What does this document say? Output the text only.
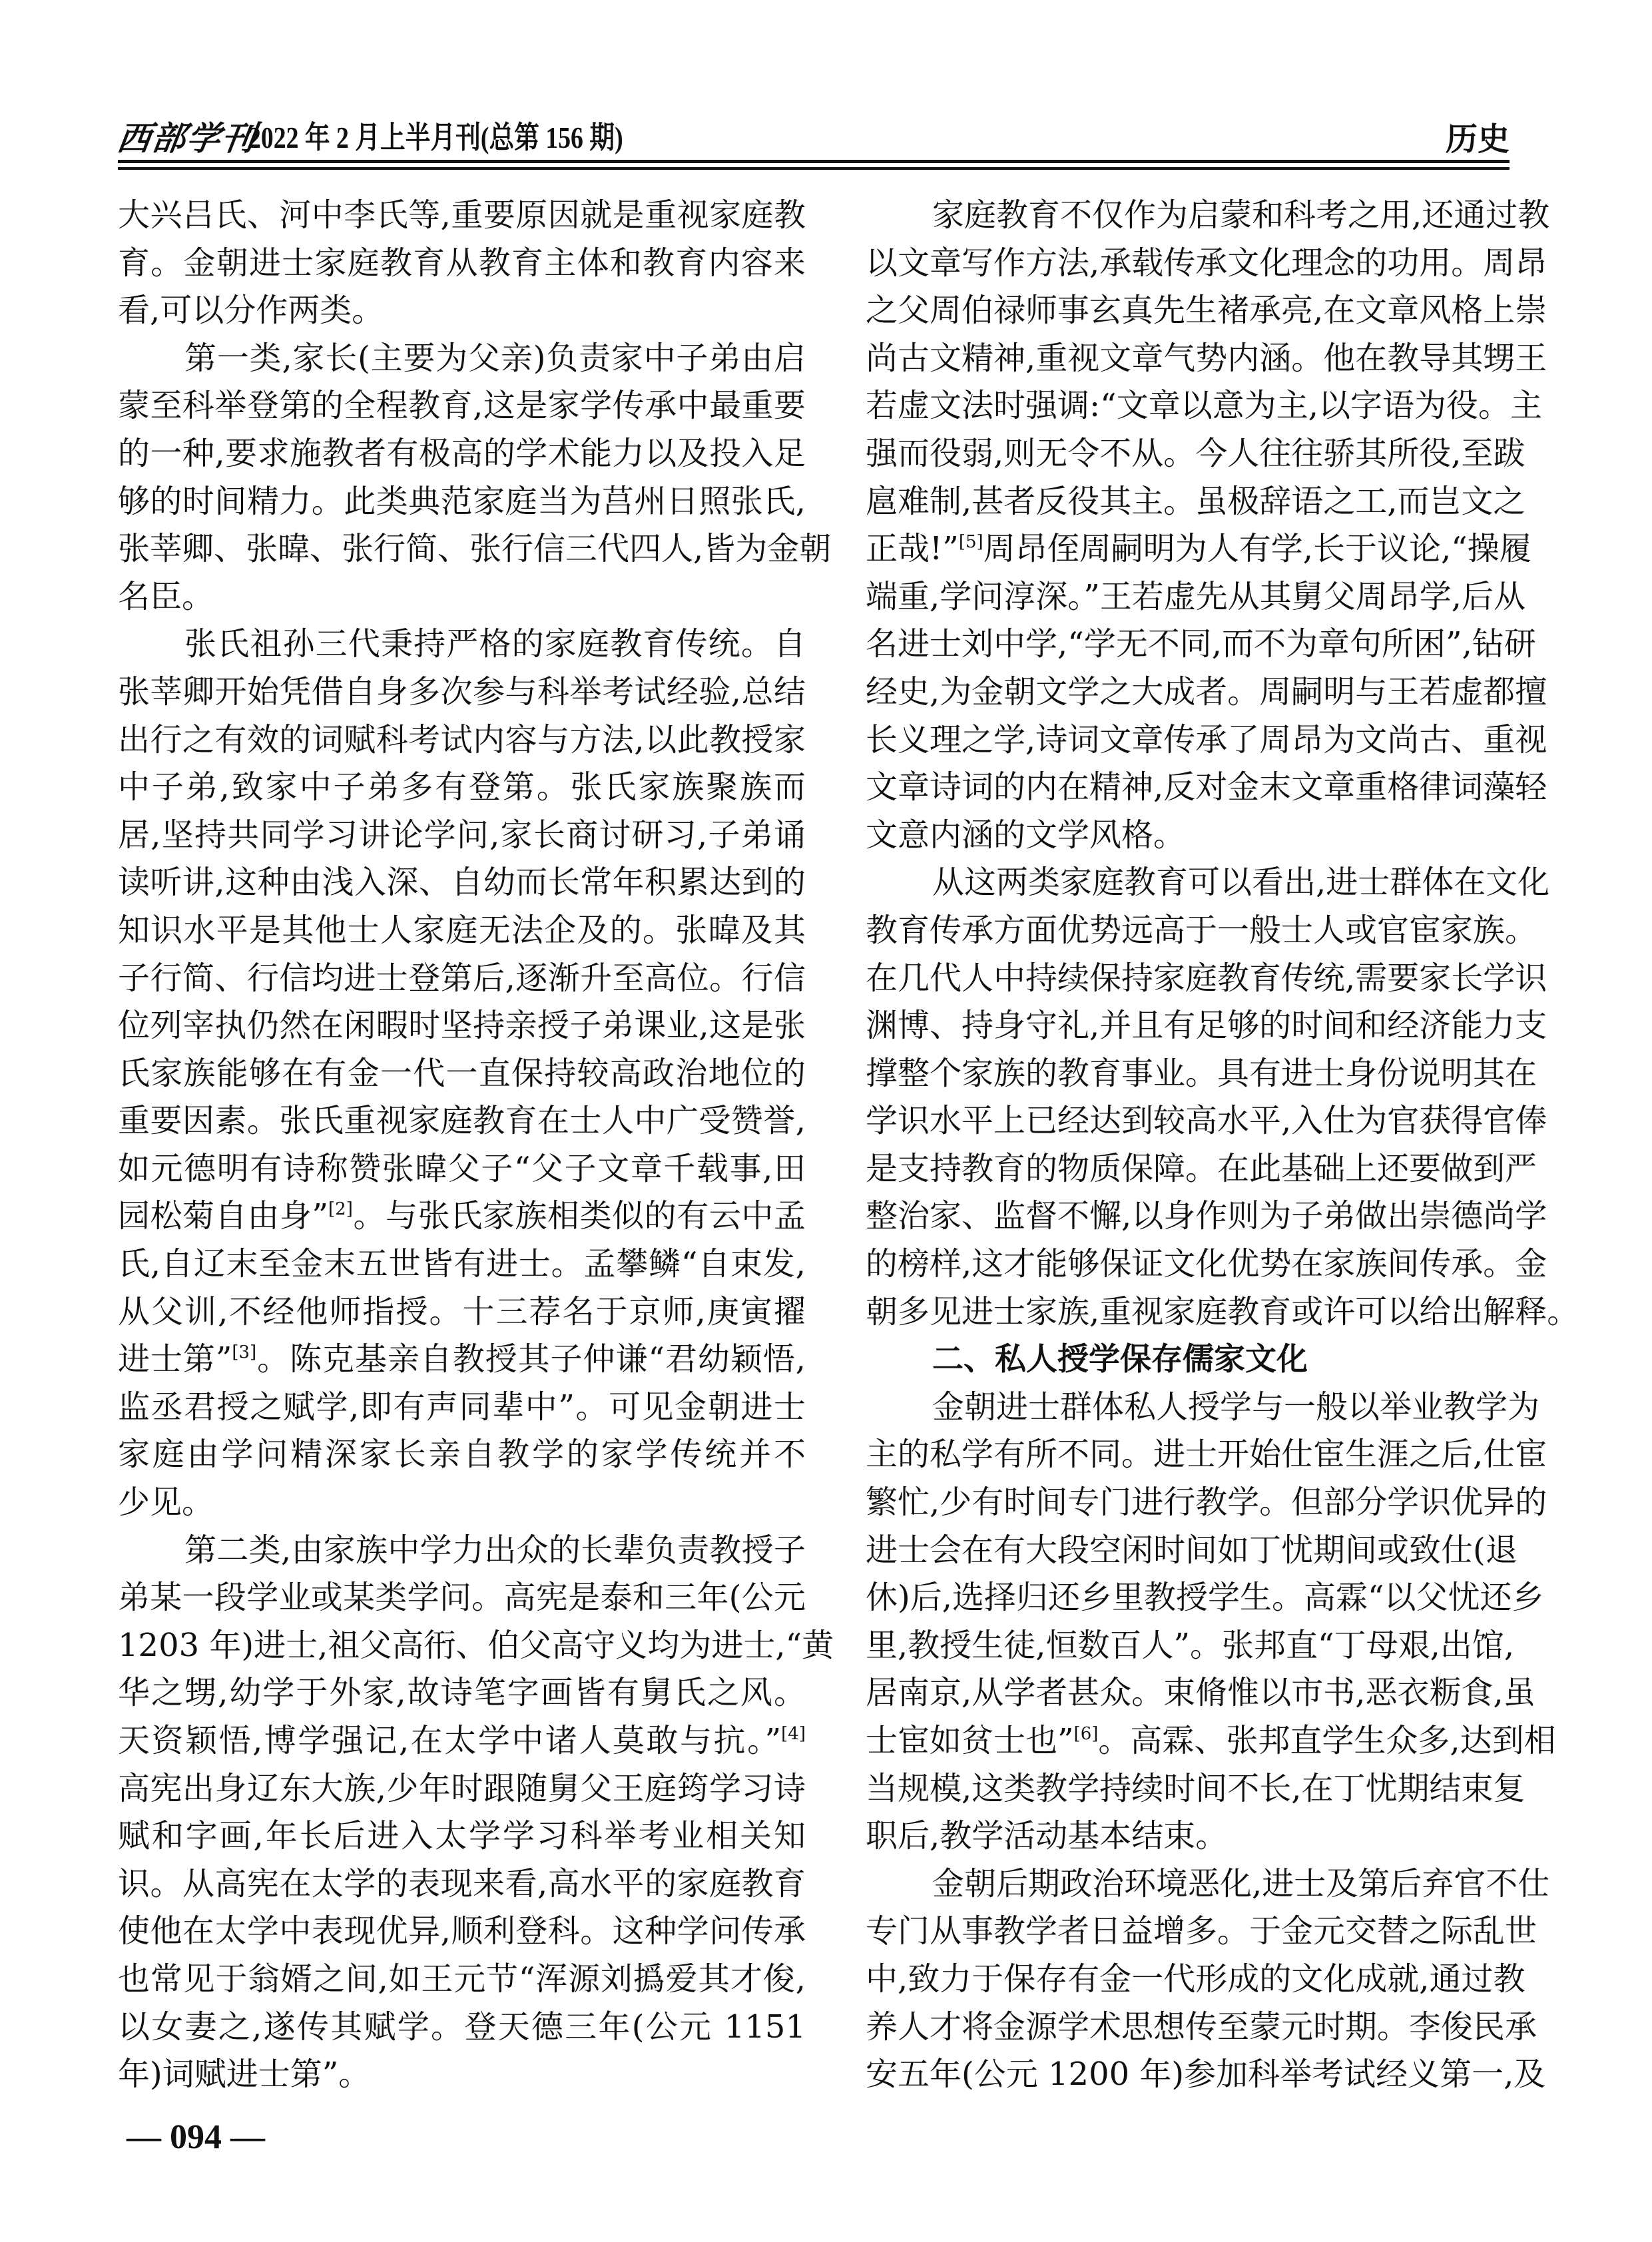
西部学刊
2022 年 2 月上半月刊(总第 156 期)	历史
大兴吕氏、河中李氏等,重要原因就是重视家庭教
育。金朝进士家庭教育从教育主体和教育内容来
看,可以分作两类。
第一类,家长(主要为父亲)负责家中子弟由启
蒙至科举登第的全程教育,这是家学传承中最重要
的一种,要求施教者有极高的学术能力以及投入足
够的时间精力。此类典范家庭当为莒州日照张氏,
张莘卿、张暐、张行简、张行信三代四人,皆为金朝
名臣。
张氏祖孙三代秉持严格的家庭教育传统。自
张莘卿开始凭借自身多次参与科举考试经验,总结
出行之有效的词赋科考试内容与方法,以此教授家
中子弟,致家中子弟多有登第。张氏家族聚族而
居,坚持共同学习讲论学问,家长商讨研习,子弟诵
读听讲,这种由浅入深、自幼而长常年积累达到的
知识水平是其他士人家庭无法企及的。张暐及其
子行简、行信均进士登第后,逐渐升至高位。行信
位列宰执仍然在闲暇时坚持亲授子弟课业,这是张
氏家族能够在有金一代一直保持较高政治地位的
重要因素。张氏重视家庭教育在士人中广受赞誉,
如元德明有诗称赞张暐父子“父子文章千载事,田
园松菊自由身”[2]。与张氏家族相类似的有云中孟
氏,自辽末至金末五世皆有进士。孟攀鳞“自束发,
从父训,不经他师指授。十三荐名于京师,庚寅擢
进士第”[3]。陈克基亲自教授其子仲谦“君幼颖悟,
监丞君授之赋学,即有声同辈中”。可见金朝进士
家庭由学问精深家长亲自教学的家学传统并不
少见。
第二类,由家族中学力出众的长辈负责教授子
弟某一段学业或某类学问。高宪是泰和三年(公元
1203 年)进士,祖父高衎、伯父高守义均为进士,“黄
华之甥,幼学于外家,故诗笔字画皆有舅氏之风。
天资颖悟,博学强记,在太学中诸人莫敢与抗。”[4]
高宪出身辽东大族,少年时跟随舅父王庭筠学习诗
赋和字画,年长后进入太学学习科举考业相关知
识。从高宪在太学的表现来看,高水平的家庭教育
使他在太学中表现优异,顺利登科。这种学问传承
也常见于翁婿之间,如王元节“浑源刘撝爱其才俊,
以女妻之,遂传其赋学。登天德三年(公元 1151
年)词赋进士第”。
家庭教育不仅作为启蒙和科考之用,还通过教
以文章写作方法,承载传承文化理念的功用。周昂
之父周伯禄师事玄真先生褚承亮,在文章风格上崇
尚古文精神,重视文章气势内涵。他在教导其甥王
若虚文法时强调:“文章以意为主,以字语为役。主
强而役弱,则无令不从。今人往往骄其所役,至跋
扈难制,甚者反役其主。虽极辞语之工,而岂文之
正哉!”[5]周昂侄周嗣明为人有学,长于议论,“操履
端重,学问淳深。”王若虚先从其舅父周昂学,后从
名进士刘中学,“学无不同,而不为章句所困”,钻研
经史,为金朝文学之大成者。周嗣明与王若虚都擅
长义理之学,诗词文章传承了周昂为文尚古、重视
文章诗词的内在精神,反对金末文章重格律词藻轻
文意内涵的文学风格。
从这两类家庭教育可以看出,进士群体在文化
教育传承方面优势远高于一般士人或官宦家族。
在几代人中持续保持家庭教育传统,需要家长学识
渊博、持身守礼,并且有足够的时间和经济能力支
撑整个家族的教育事业。具有进士身份说明其在
学识水平上已经达到较高水平,入仕为官获得官俸
是支持教育的物质保障。在此基础上还要做到严
整治家、监督不懈,以身作则为子弟做出崇德尚学
的榜样,这才能够保证文化优势在家族间传承。金
朝多见进士家族,重视家庭教育或许可以给出解释。
二、私人授学保存儒家文化
金朝进士群体私人授学与一般以举业教学为
主的私学有所不同。进士开始仕宦生涯之后,仕宦
繁忙,少有时间专门进行教学。但部分学识优异的
进士会在有大段空闲时间如丁忧期间或致仕(退
休)后,选择归还乡里教授学生。高霖“以父忧还乡
里,教授生徒,恒数百人”。张邦直“丁母艰,出馆,
居南京,从学者甚众。束脩惟以市书,恶衣粝食,虽
士宦如贫士也”[6]。高霖、张邦直学生众多,达到相
当规模,这类教学持续时间不长,在丁忧期结束复
职后,教学活动基本结束。
金朝后期政治环境恶化,进士及第后弃官不仕
专门从事教学者日益增多。于金元交替之际乱世
中,致力于保存有金一代形成的文化成就,通过教
养人才将金源学术思想传至蒙元时期。李俊民承
安五年(公元 1200 年)参加科举考试经义第一,及
— 094 —
